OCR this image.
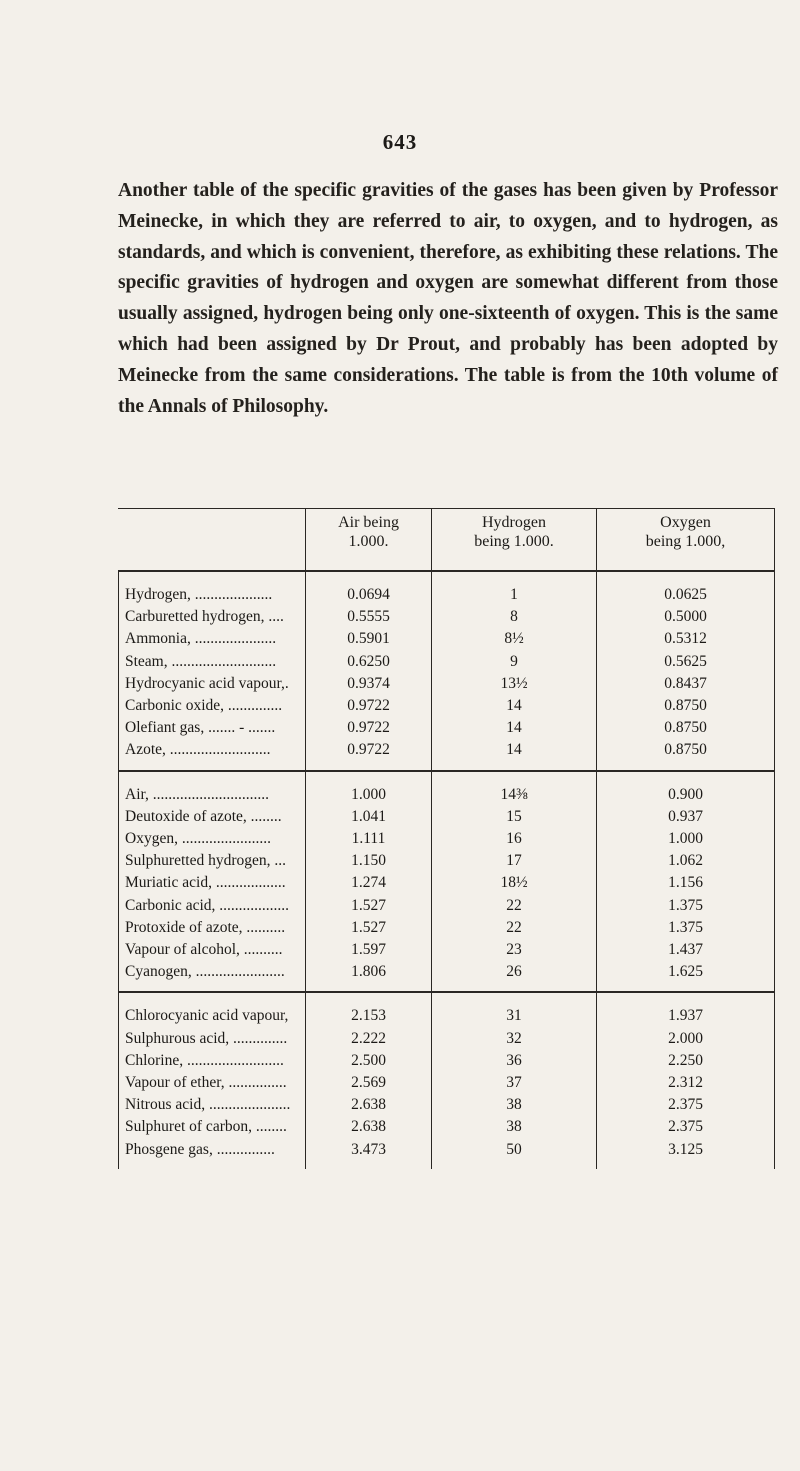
643

Another table of the specific gravities of the gases has been given by Professor Meinecke, in which they are referred to air, to oxygen, and to hydrogen, as standards, and which is convenient, therefore, as exhibiting these relations. The specific gravities of hydrogen and oxygen are somewhat different from those usually assigned, hydrogen being only one-sixteenth of oxygen. This is the same which had been assigned by Dr Prout, and probably has been adopted by Meinecke from the same considerations. The table is from the 10th volume of the Annals of Philosophy.

Air being
1.000.
Hydrogen
being 1.000.
Oxygen
being 1.000,
Hydrogen, ....................
Carburetted hydrogen, ....
Ammonia, .....................
Steam, ...........................
Hydrocyanic acid vapour,.
Carbonic oxide, ..............
Olefiant gas, ....... - .......
Azote, ..........................
0.0694
0.5555
0.5901
0.6250
0.9374
0.9722
0.9722
0.9722
1
8
8½
9
13½
14
14
14
0.0625
0.5000
0.5312
0.5625
0.8437
0.8750
0.8750
0.8750
Air, ..............................
Deutoxide of azote, ........
Oxygen, .......................
Sulphuretted hydrogen, ...
Muriatic acid, ..................
Carbonic acid, ..................
Protoxide of azote, ..........
Vapour of alcohol, ..........
Cyanogen, .......................
1.000
1.041
1.111
1.150
1.274
1.527
1.527
1.597
1.806
14⅜
15
16
17
18½
22
22
23
26
0.900
0.937
1.000
1.062
1.156
1.375
1.375
1.437
1.625
Chlorocyanic acid vapour,
Sulphurous acid, ..............
Chlorine, .........................
Vapour of ether, ...............
Nitrous acid, .....................
Sulphuret of carbon, ........
Phosgene gas, ...............
2.153
2.222
2.500
2.569
2.638
2.638
3.473
31
32
36
37
38
38
50
1.937
2.000
2.250
2.312
2.375
2.375
3.125
